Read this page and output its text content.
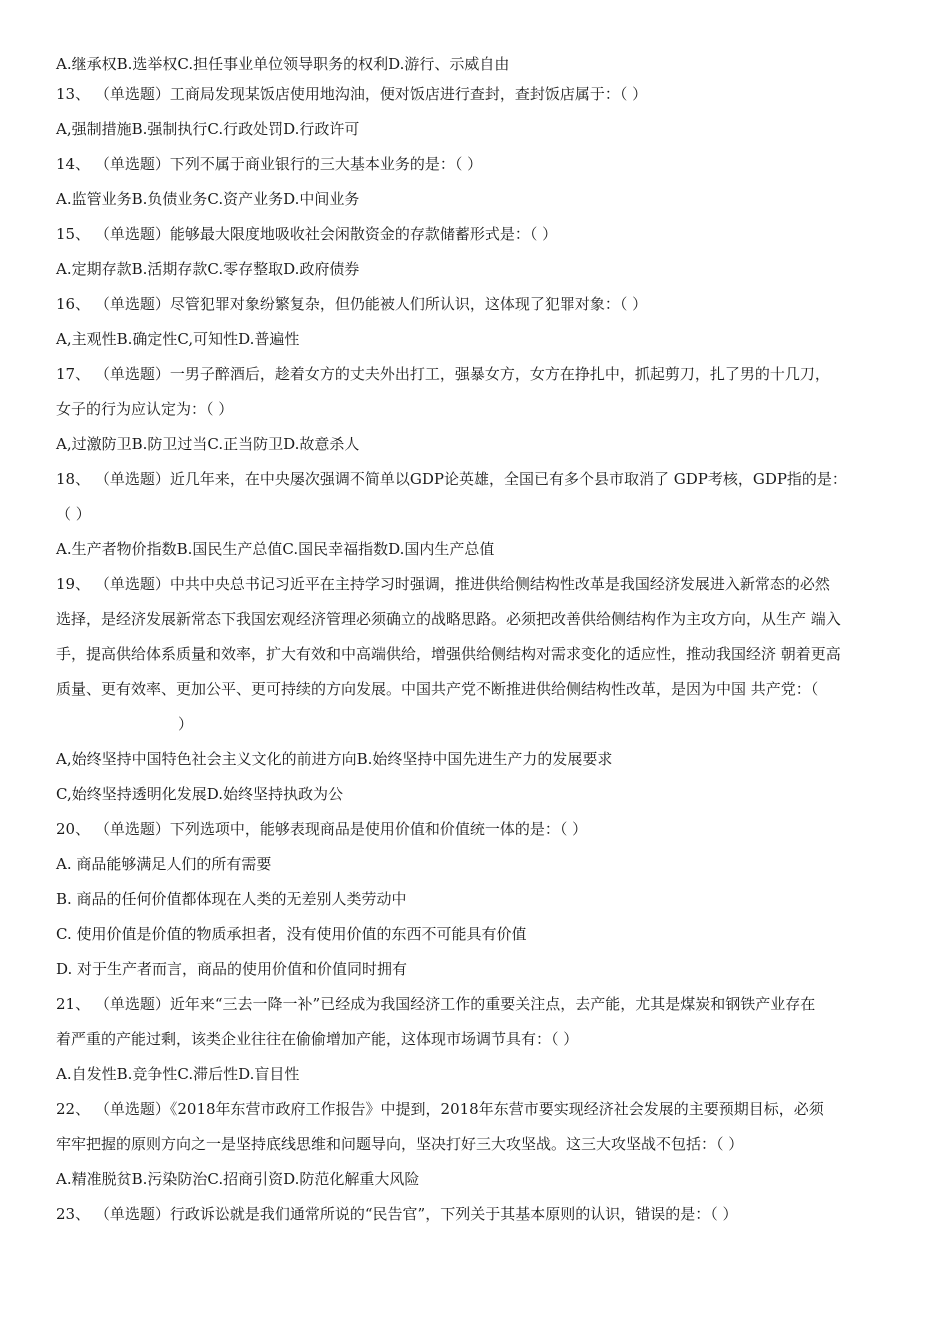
A.继承权B.选举权C.担任事业单位领导职务的权利D.游行、示威自由
13、 （单选题）工商局发现某饭店使用地沟油，便对饭店进行查封，查封饭店属于：（ ）
A,强制措施B.强制执行C.行政处罚D.行政许可
14、 （单选题）下列不属于商业银行的三大基本业务的是：（ ）
A.监管业务B.负债业务C.资产业务D.中间业务
15、 （单选题）能够最大限度地吸收社会闲散资金的存款储蓄形式是：（ ）
A.定期存款B.活期存款C.零存整取D.政府债券
16、 （单选题）尽管犯罪对象纷繁复杂，但仍能被人们所认识，这体现了犯罪对象：（ ）
A,主观性B.确定性C,可知性D.普遍性
17、 （单选题）一男子醉酒后，趁着女方的丈夫外出打工，强暴女方，女方在挣扎中，抓起剪刀，扎了男的十几刀，
女子的行为应认定为：（ ）
A,过激防卫B.防卫过当C.正当防卫D.故意杀人
18、 （单选题）近几年来，在中央屡次强调不简单以GDP论英雄，全国已有多个县市取消了 GDP考核，GDP指的是：
（ ）
A.生产者物价指数B.国民生产总值C.国民幸福指数D.国内生产总值
19、 （单选题）中共中央总书记习近平在主持学习时强调，推进供给侧结构性改革是我国经济发展进入新常态的必然
选择，是经济发展新常态下我国宏观经济管理必须确立的战略思路。必须把改善供给侧结构作为主攻方向，从生产 端入
手，提高供给体系质量和效率，扩大有效和中高端供给，增强供给侧结构对需求变化的适应性，推动我国经济 朝着更高
质量、更有效率、更加公平、更可持续的方向发展。中国共产党不断推进供给侧结构性改革，是因为中国 共产党：（
）
A,始终坚持中国特色社会主义文化的前进方向B.始终坚持中国先进生产力的发展要求
C,始终坚持透明化发展D.始终坚持执政为公
20、 （单选题）下列选项中，能够表现商品是使用价值和价值统一体的是：（ ）
A. 商品能够满足人们的所有需要
B. 商品的任何价值都体现在人类的无差别人类劳动中
C. 使用价值是价值的物质承担者，没有使用价值的东西不可能具有价值
D. 对于生产者而言，商品的使用价值和价值同时拥有
21、 （单选题）近年来“三去一降一补”已经成为我国经济工作的重要关注点，去产能，尤其是煤炭和钢铁产业存在
着严重的产能过剩，该类企业往往在偷偷增加产能，这体现市场调节具有：（ ）
A.自发性B.竞争性C.滞后性D.盲目性
22、 （单选题）《2018年东营市政府工作报告》中提到，2018年东营市要实现经济社会发展的主要预期目标，必须
牢牢把握的原则方向之一是坚持底线思维和问题导向，坚决打好三大攻坚战。这三大攻坚战不包括：（ ）
A.精准脱贫B.污染防治C.招商引资D.防范化解重大风险
23、 （单选题）行政诉讼就是我们通常所说的“民告官”，下列关于其基本原则的认识，错误的是：（ ）
